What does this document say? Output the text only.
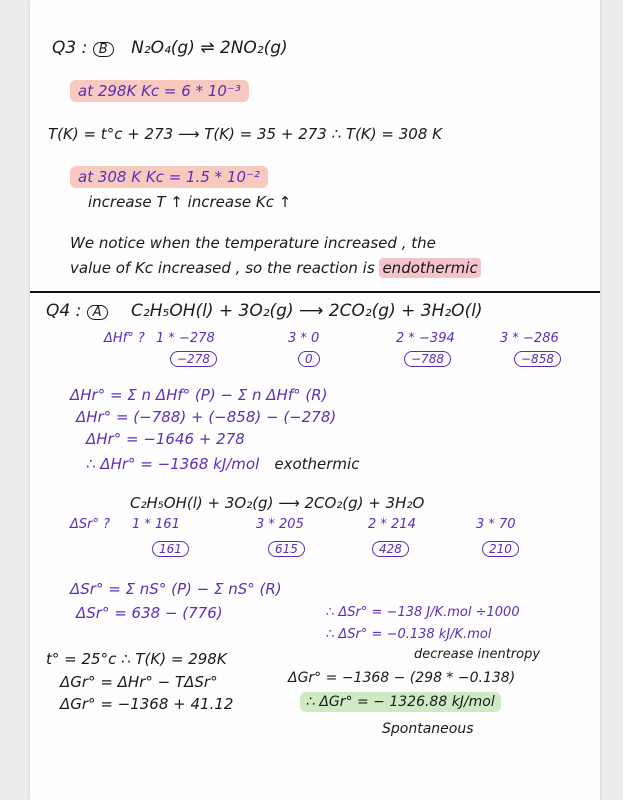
Q3 : B N₂O₄(g) ⇌ 2NO₂(g)
at 298K Kc = 6 * 10⁻³
T(K) = t°c + 273 ⟶ T(K) = 35 + 273 ∴ T(K) = 308 K
at 308 K Kc = 1.5 * 10⁻²
increase T ↑ increase Kc ↑
We notice when the temperature increased , the
value of Kc increased , so the reaction is endothermic
Q4 : A C₂H₅OH(l) + 3O₂(g) ⟶ 2CO₂(g) + 3H₂O(l)
ΔHf° ? 1 * −278	3 * 0	2 * −394	3 * −286
−278	0	−788	−858
ΔHr° = Σ n ΔHf° (P) − Σ n ΔHf° (R)
ΔHr° = (−788) + (−858) − (−278)
ΔHr° = −1646 + 278
∴ ΔHr° = −1368 kJ/mol exothermic
C₂H₅OH(l) + 3O₂(g) ⟶ 2CO₂(g) + 3H₂O
ΔSr° ? 1 * 161	3 * 205	2 * 214	3 * 70
161	615	428	210
ΔSr° = Σ nS° (P) − Σ nS° (R)
ΔSr° = 638 − (776)	∴ ΔSr° = −138 J/K.mol ÷1000
∴ ΔSr° = −0.138 kJ/K.mol
decrease inentropy
t° = 25°c ∴ T(K) = 298K
ΔGr° = ΔHr° − TΔSr°
ΔGr° = −1368 + 41.12
ΔGr° = −1368 − (298 * −0.138)
∴ ΔGr° = − 1326.88 kJ/mol
Spontaneous
